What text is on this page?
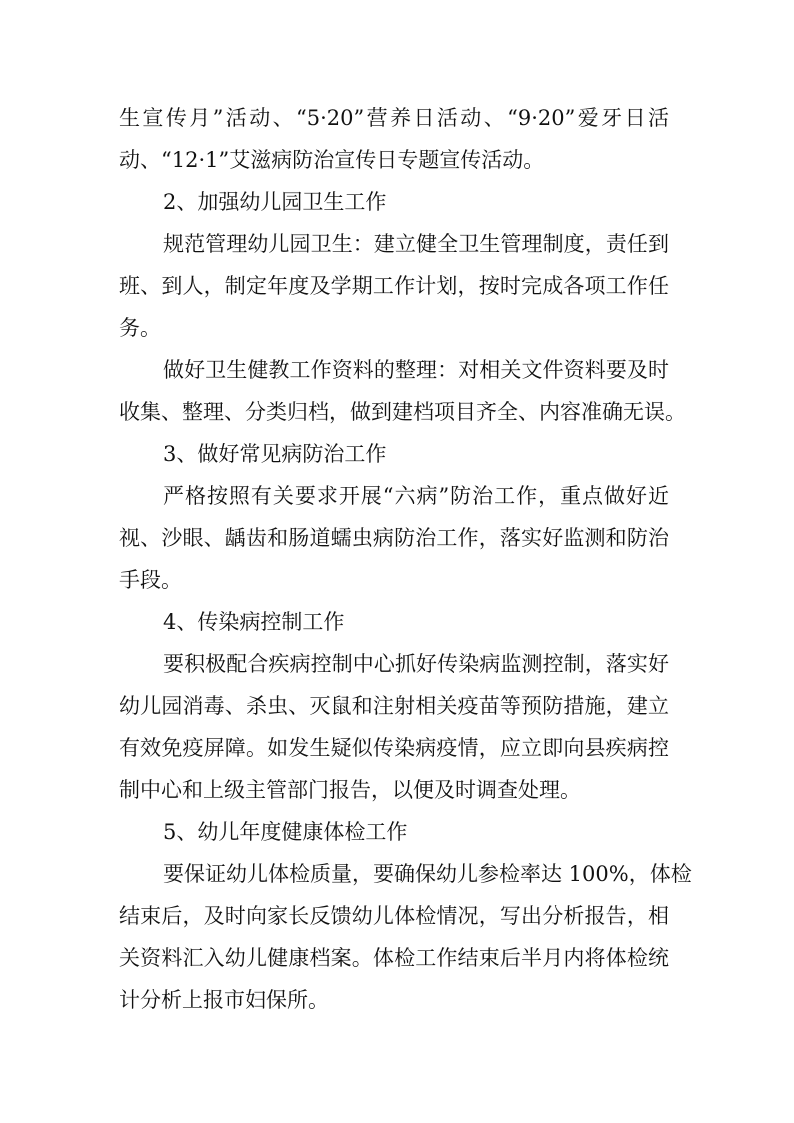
生宣传月”活动、“5·20”营养日活动、“9·20”爱牙日活
动、“12·1”艾滋病防治宣传日专题宣传活动。
2、加强幼儿园卫生工作
规范管理幼儿园卫生：建立健全卫生管理制度，责任到
班、到人，制定年度及学期工作计划，按时完成各项工作任
务。
做好卫生健教工作资料的整理：对相关文件资料要及时
收集、整理、分类归档，做到建档项目齐全、内容准确无误。
3、做好常见病防治工作
严格按照有关要求开展“六病”防治工作，重点做好近
视、沙眼、龋齿和肠道蠕虫病防治工作，落实好监测和防治
手段。
4、传染病控制工作
要积极配合疾病控制中心抓好传染病监测控制，落实好
幼儿园消毒、杀虫、灭鼠和注射相关疫苗等预防措施，建立
有效免疫屏障。如发生疑似传染病疫情，应立即向县疾病控
制中心和上级主管部门报告，以便及时调查处理。
5、幼儿年度健康体检工作
要保证幼儿体检质量，要确保幼儿参检率达 100%，体检
结束后，及时向家长反馈幼儿体检情况，写出分析报告，相
关资料汇入幼儿健康档案。体检工作结束后半月内将体检统
计分析上报市妇保所。
